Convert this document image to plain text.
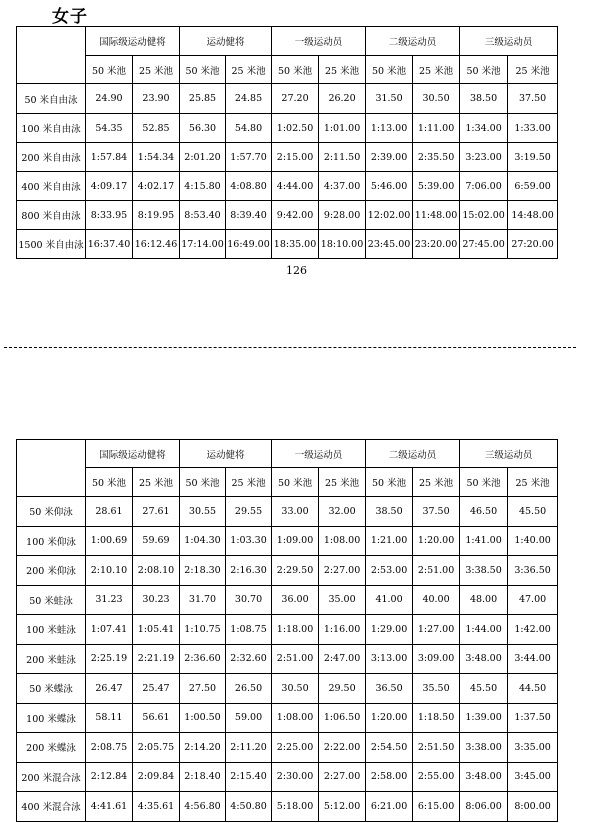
女子
	国际级运动健将		运动健将		一级运动员		二级运动员		三级运动员	
	50 米池	25 米池	50 米池	25 米池	50 米池	25 米池	50 米池	25 米池	50 米池	25 米池
50 米自由泳	24.90	23.90	25.85	24.85	27.20	26.20	31.50	30.50	38.50	37.50
100 米自由泳	54.35	52.85	56.30	54.80	1:02.50	1:01.00	1:13.00	1:11.00	1:34.00	1:33.00
200 米自由泳	1:57.84	1:54.34	2:01.20	1:57.70	2:15.00	2:11.50	2:39.00	2:35.50	3:23.00	3:19.50
400 米自由泳	4:09.17	4:02.17	4:15.80	4:08.80	4:44.00	4:37.00	5:46.00	5:39.00	7:06.00	6:59.00
800 米自由泳	8:33.95	8:19.95	8:53.40	8:39.40	9:42.00	9:28.00	12:02.00	11:48.00	15:02.00	14:48.00
1500 米自由泳	16:37.40	16:12.46	17:14.00	16:49.00	18:35.00	18:10.00	23:45.00	23:20.00	27:45.00	27:20.00
126
	国际级运动健将		运动健将		一级运动员		二级运动员		三级运动员	
	50 米池	25 米池	50 米池	25 米池	50 米池	25 米池	50 米池	25 米池	50 米池	25 米池
50 米仰泳	28.61	27.61	30.55	29.55	33.00	32.00	38.50	37.50	46.50	45.50
100 米仰泳	1:00.69	59.69	1:04.30	1:03.30	1:09.00	1:08.00	1:21.00	1:20.00	1:41.00	1:40.00
200 米仰泳	2:10.10	2:08.10	2:18.30	2:16.30	2:29.50	2:27.00	2:53.00	2:51.00	3:38.50	3:36.50
50 米蛙泳	31.23	30.23	31.70	30.70	36.00	35.00	41.00	40.00	48.00	47.00
100 米蛙泳	1:07.41	1:05.41	1:10.75	1:08.75	1:18.00	1:16.00	1:29.00	1:27.00	1:44.00	1:42.00
200 米蛙泳	2:25.19	2:21.19	2:36.60	2:32.60	2:51.00	2:47.00	3:13.00	3:09.00	3:48.00	3:44.00
50 米蝶泳	26.47	25.47	27.50	26.50	30.50	29.50	36.50	35.50	45.50	44.50
100 米蝶泳	58.11	56.61	1:00.50	59.00	1:08.00	1:06.50	1:20.00	1:18.50	1:39.00	1:37.50
200 米蝶泳	2:08.75	2:05.75	2:14.20	2:11.20	2:25.00	2:22.00	2:54.50	2:51.50	3:38.00	3:35.00
200 米混合泳	2:12.84	2:09.84	2:18.40	2:15.40	2:30.00	2:27.00	2:58.00	2:55.00	3:48.00	3:45.00
400 米混合泳	4:41.61	4:35.61	4:56.80	4:50.80	5:18.00	5:12.00	6:21.00	6:15.00	8:06.00	8:00.00
